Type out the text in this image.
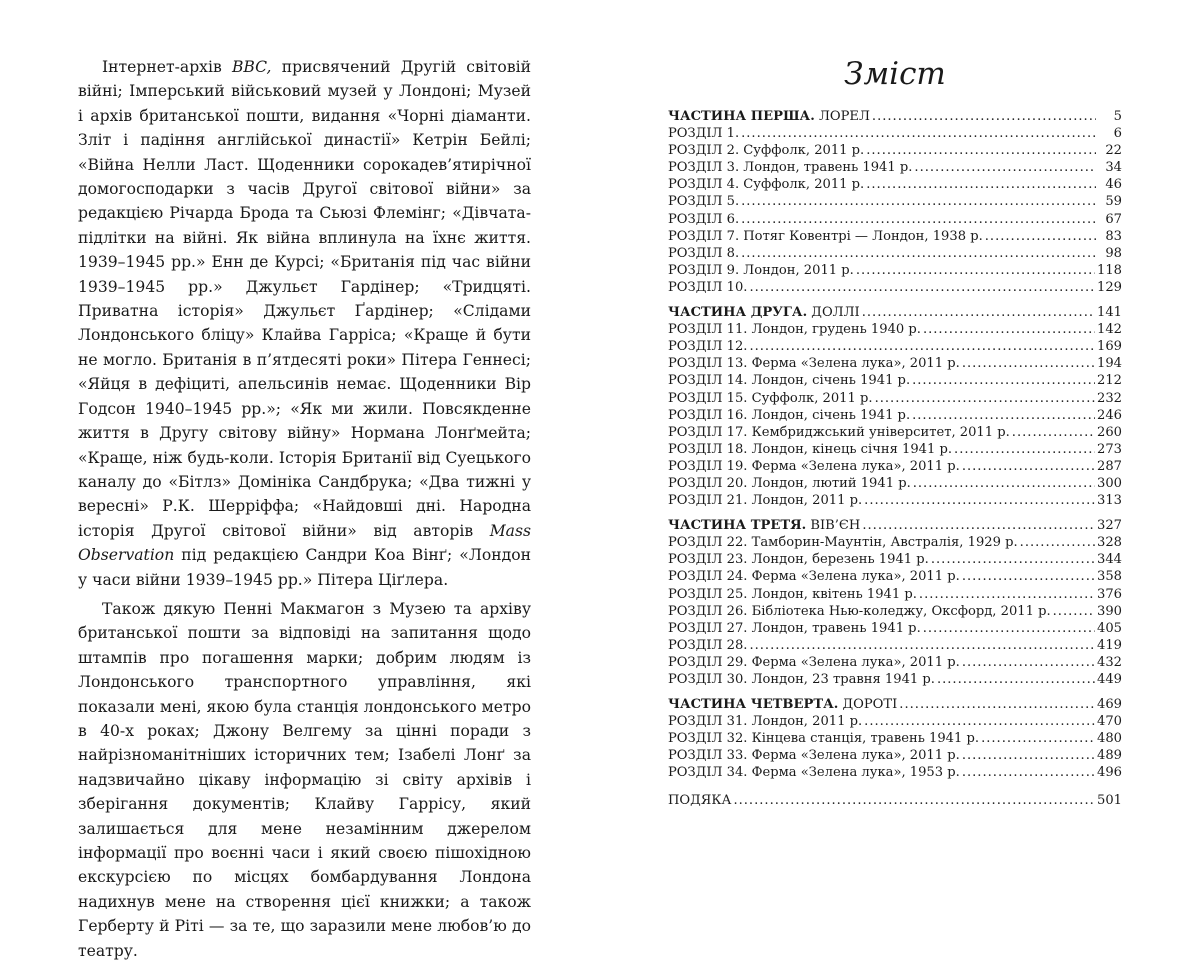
Інтернет-архів BBC, присвячений Другій світовій війні; Імперський військовий музей у Лондоні; Музей і архів британської пошти, видання «Чорні діаманти. Зліт і падіння англійської династії» Кетрін Бейлі; «Війна Нелли Ласт. Щоденники сорокадев’ятирічної домогосподарки з часів Другої світової війни» за редакцією Річарда Брода та Сьюзі Флемінг; «Дівчата-підлітки на війні. Як війна вплинула на їхнє життя. 1939–1945 рр.» Енн де Курсі; «Британія під час війни 1939–1945 рр.» Джульєт Гардінер; «Тридцяті. Приватна історія» Джульєт Ґардінер; «Слідами Лондонського бліцу» Клайва Гарріса; «Краще й бути не могло. Британія в п’ятдесяті роки» Пітера Геннесі; «Яйця в дефіциті, апельсинів немає. Щоденники Вір Годсон 1940–1945 рр.»; «Як ми жили. Повсякденне життя в Другу світову війну» Нормана Лонґмейта; «Краще, ніж будь-коли. Історія Британії від Суецького каналу до «Бітлз» Домініка Сандбрука; «Два тижні у вересні» Р.К. Шерріффа; «Найдовші дні. Народна історія Другої світової війни» від авторів Mass Observation під редакцією Сандри Коа Вінґ; «Лондон у часи війни 1939–1945 рр.» Пітера Ціґлера.

Також дякую Пенні Макмагон з Музею та архіву британської пошти за відповіді на запитання щодо штампів про погашення марки; добрим людям із Лондонського транспортного управління, які показали мені, якою була станція лондонського метро в 40-х роках; Джону Велгему за цінні поради з найрізноманітніших історичних тем; Ізабелі Лонґ за надзвичайно цікаву інформацію зі світу архівів і зберігання документів; Клайву Гаррісу, який залишається для мене незамінним джерелом інформації про воєнні часи і який своєю пішохідною екскурсією по місцях бомбардування Лондона надихнув мене на створення цієї книжки; а також Герберту й Ріті — за те, що заразили мене любов’ю до театру.

Зміст
ЧАСТИНА ПЕРША. ЛОРЕЛ .....	5
РОЗДІЛ 1. .....	6
РОЗДІЛ 2. Суффолк, 2011 р. .....	22
РОЗДІЛ 3. Лондон, травень 1941 р. .....	34
РОЗДІЛ 4. Суффолк, 2011 р. .....	46
РОЗДІЛ 5. .....	59
РОЗДІЛ 6. .....	67
РОЗДІЛ 7. Потяг Ковентрі — Лондон, 1938 р. .....	83
РОЗДІЛ 8. .....	98
РОЗДІЛ 9. Лондон, 2011 р. .....	118
РОЗДІЛ 10. .....	129
ЧАСТИНА ДРУГА. ДОЛЛІ .....	141
РОЗДІЛ 11. Лондон, грудень 1940 р. .....	142
РОЗДІЛ 12. .....	169
РОЗДІЛ 13. Ферма «Зелена лука», 2011 р. .....	194
РОЗДІЛ 14. Лондон, січень 1941 р. .....	212
РОЗДІЛ 15. Суффолк, 2011 р. .....	232
РОЗДІЛ 16. Лондон, січень 1941 р. .....	246
РОЗДІЛ 17. Кембриджський університет, 2011 р. .....	260
РОЗДІЛ 18. Лондон, кінець січня 1941 р. .....	273
РОЗДІЛ 19. Ферма «Зелена лука», 2011 р. .....	287
РОЗДІЛ 20. Лондон, лютий 1941 р. .....	300
РОЗДІЛ 21. Лондон, 2011 р. .....	313
ЧАСТИНА ТРЕТЯ. ВІВ’ЄН .....	327
РОЗДІЛ 22. Тамборин-Маунтін, Австралія, 1929 р. .....	328
РОЗДІЛ 23. Лондон, березень 1941 р. .....	344
РОЗДІЛ 24. Ферма «Зелена лука», 2011 р. .....	358
РОЗДІЛ 25. Лондон, квітень 1941 р. .....	376
РОЗДІЛ 26. Бібліотека Нью-коледжу, Оксфорд, 2011 р. .....	390
РОЗДІЛ 27. Лондон, травень 1941 р. .....	405
РОЗДІЛ 28. .....	419
РОЗДІЛ 29. Ферма «Зелена лука», 2011 р. .....	432
РОЗДІЛ 30. Лондон, 23 травня 1941 р. .....	449
ЧАСТИНА ЧЕТВЕРТА. ДОРОТІ .....	469
РОЗДІЛ 31. Лондон, 2011 р. .....	470
РОЗДІЛ 32. Кінцева станція, травень 1941 р. .....	480
РОЗДІЛ 33. Ферма «Зелена лука», 2011 р. .....	489
РОЗДІЛ 34. Ферма «Зелена лука», 1953 р. .....	496
ПОДЯКА .....	501
